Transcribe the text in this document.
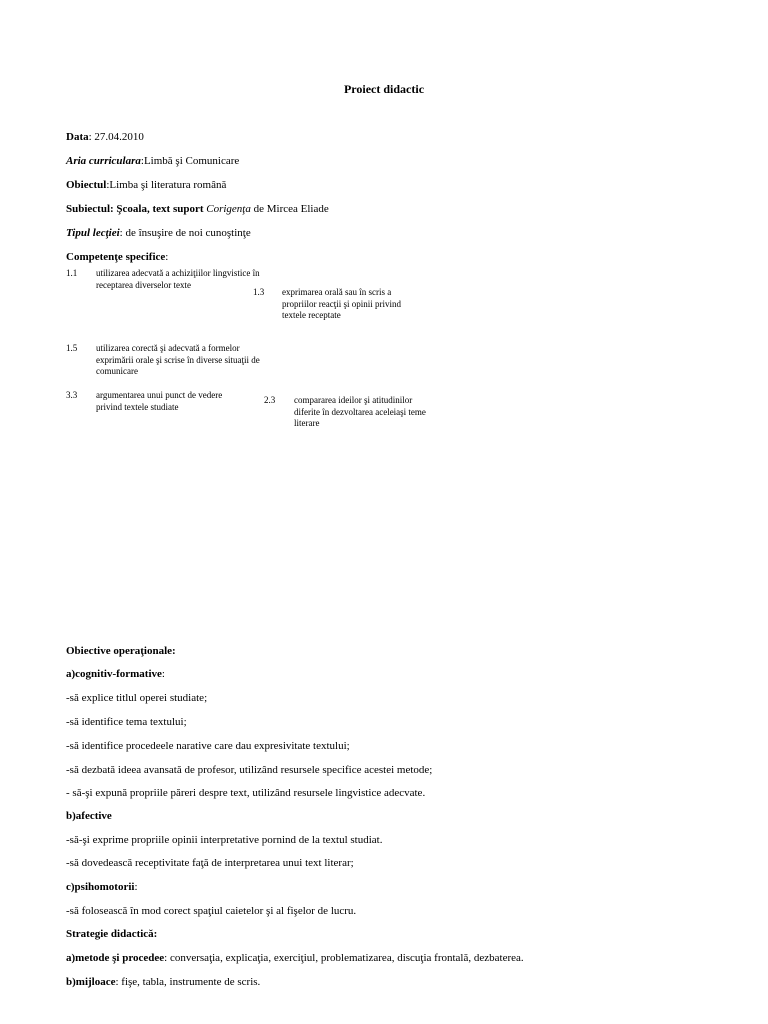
Proiect didactic
Data: 27.04.2010
Aria curriculara:Limbă şi Comunicare
Obiectul:Limba şi literatura română
Subiectul: Şcoala, text suport Corigenţa de Mircea Eliade
Tipul lecţiei: de însuşire de noi cunoştinţe
Competenţe specifice:
1.1 utilizarea adecvată a achiziţiilor lingvistice în receptarea diverselor texte
1.3 exprimarea orală sau în scris a propriilor reacţii şi opinii privind textele receptate
1.5 utilizarea corectă şi adecvată a formelor exprimării orale şi scrise în diverse situaţii de comunicare
3.3 argumentarea unui punct de vedere privind textele studiate
2.3 compararea ideilor şi atitudinilor diferite în dezvoltarea aceleiaşi teme literare
Obiective operaţionale:
a)cognitiv-formative:
-să explice titlul operei studiate;
-să identifice tema textului;
-să identifice procedeele narative care dau expresivitate textului;
-să dezbată ideea avansată de profesor, utilizând resursele specifice acestei metode;
- să-şi expună propriile păreri despre text, utilizând resursele lingvistice adecvate.
b)afective
-să-şi exprime propriile opinii interpretative pornind de la textul studiat.
-să dovedească receptivitate faţă de interpretarea unui text literar;
c)psihomotorii:
-să folosească în mod corect spaţiul caietelor şi al fişelor de lucru.
Strategie didactică:
a)metode şi procedee: conversaţia, explicaţia, exerciţiul, problematizarea, discuţia frontală, dezbaterea.
b)mijloace: fişe, tabla, instrumente de scris.
